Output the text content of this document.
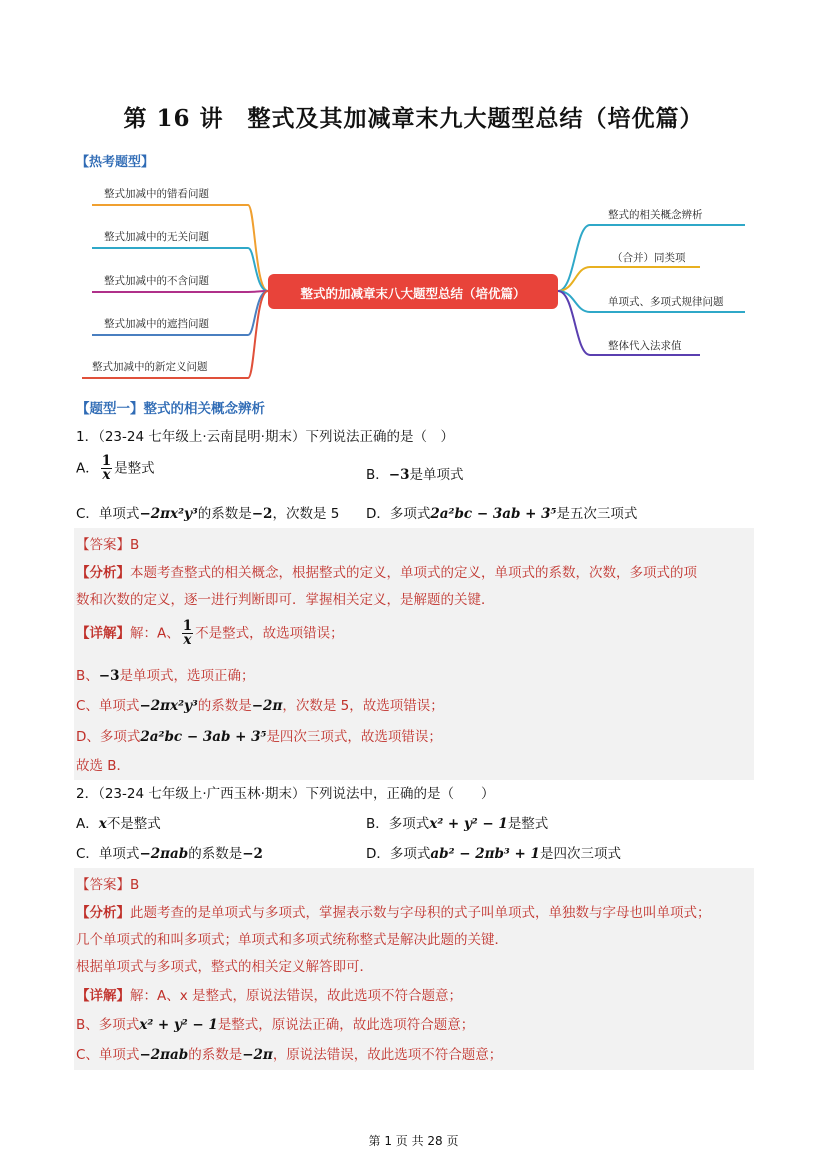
第 16 讲　整式及其加减章末九大题型总结（培优篇）
【热考题型】
整式的加减章末八大题型总结（培优篇）
整式加减中的错看问题
整式加减中的无关问题
整式加减中的不含问题
整式加减中的遮挡问题
整式加减中的新定义问题
整式的相关概念辨析
（合并）同类项
单项式、多项式规律问题
整体代入法求值
【题型一】整式的相关概念辨析
1．（23-24 七年级上·云南昆明·期末）下列说法正确的是（　）
A． $\frac{1}{x}$ 是整式	B．−3是单项式
C．单项式−2πx²y³的系数是−2，次数是 5 D．多项式2a²bc − 3ab + 3⁵是五次三项式
【答案】B
【分析】本题考查整式的相关概念，根据整式的定义，单项式的定义，单项式的系数，次数，多项式的项
数和次数的定义，逐一进行判断即可．掌握相关定义，是解题的关键．
【详解】解：A、 $\frac{1}{x}$ 不是整式，故选项错误；
B、−3是单项式，选项正确；
C、单项式−2πx²y³的系数是−2π，次数是 5，故选项错误；
D、多项式2a²bc − 3ab + 3⁵是四次三项式，故选项错误；
故选 B．
2．（23-24 七年级上·广西玉林·期末）下列说法中，正确的是（　　）
A．x不是整式	B．多项式x² + y² − 1是整式
C．单项式−2πab的系数是−2	D．多项式ab² − 2πb³ + 1是四次三项式
【答案】B
【分析】此题考查的是单项式与多项式，掌握表示数与字母积的式子叫单项式，单独数与字母也叫单项式；
几个单项式的和叫多项式；单项式和多项式统称整式是解决此题的关键．
根据单项式与多项式，整式的相关定义解答即可．
【详解】解：A、x 是整式，原说法错误，故此选项不符合题意；
B、多项式x² + y² − 1是整式，原说法正确，故此选项符合题意；
C、单项式−2πab的系数是−2π，原说法错误，故此选项不符合题意；
第 1 页 共 28 页
